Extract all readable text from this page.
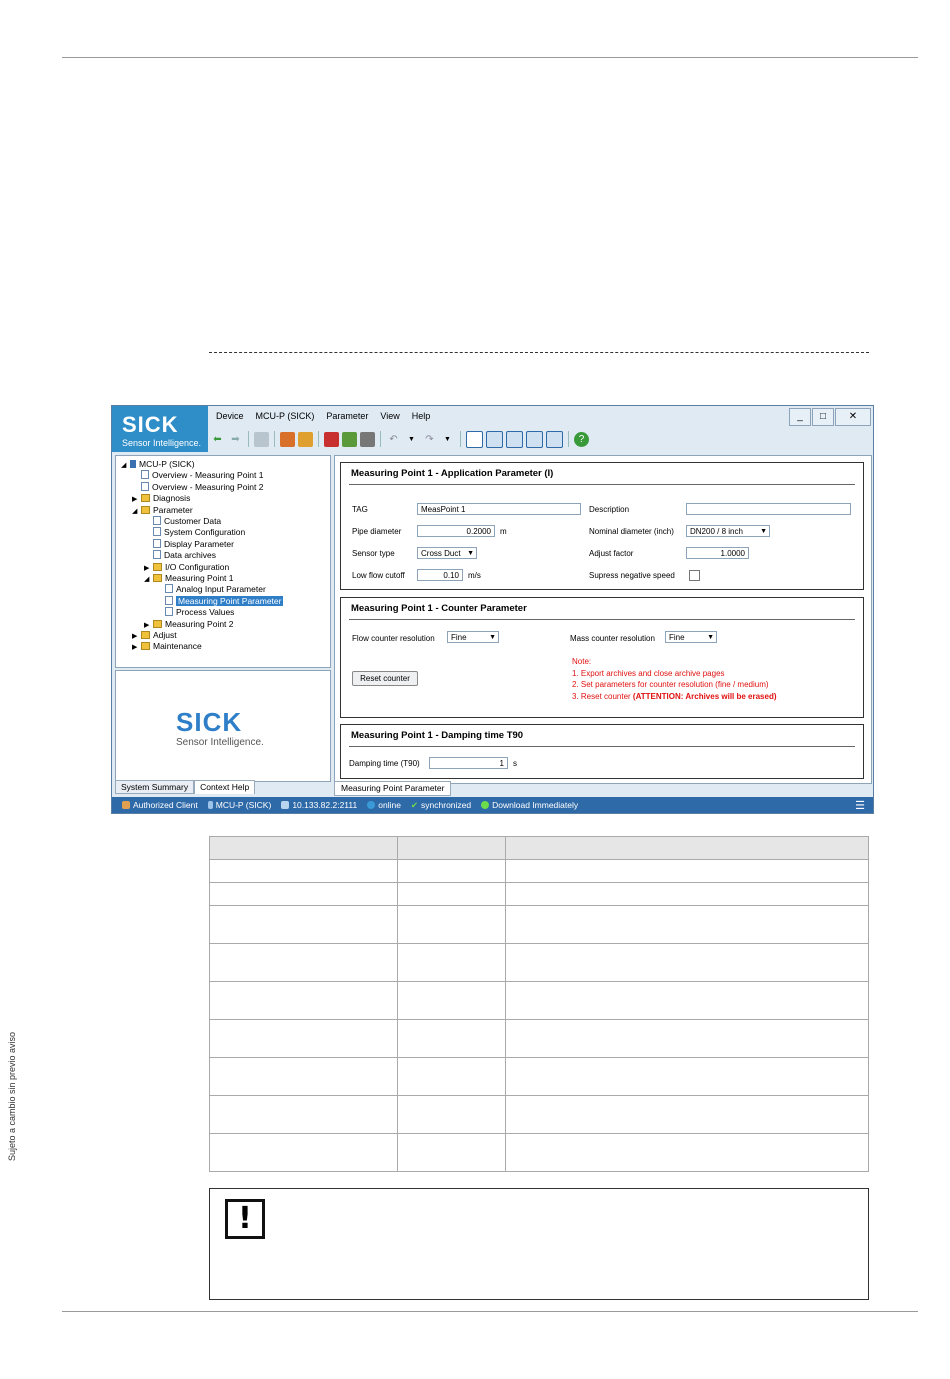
Sujeto a cambio sin previo aviso
SICK
Sensor Intelligence.
Device	MCU-P (SICK)	Parameter	View	Help	_	□	✕
⬅ ➡	↶	▼	↷	▼	?
◢ MCU-P (SICK)
Overview - Measuring Point 1
Overview - Measuring Point 2
▶ Diagnosis
◢ Parameter
Customer Data
System Configuration
Display Parameter
Data archives
▶ I/O Configuration
◢ Measuring Point 1
Analog Input Parameter
Measuring Point Parameter
Process Values
▶ Measuring Point 2
▶ Adjust
▶ Maintenance
SICK
Sensor Intelligence.
System Summary	Context Help
Measuring Point 1 - Application Parameter (I)
TAG	MeasPoint 1	Description
Pipe diameter	0.2000	m	Nominal diameter (inch)	DN200 / 8 inch ▼
Sensor type	Cross Duct ▼	Adjust factor	1.0000
Low flow cutoff	0.10	m/s	Supress negative speed
Measuring Point 1 - Counter Parameter
Flow counter resolution	Fine	▼	Mass counter resolution	Fine	▼
Reset counter
Note:
1. Export archives and close archive pages
2. Set parameters for counter resolution (fine / medium)
3. Reset counter (ATTENTION: Archives will be erased)
Measuring Point 1 - Damping time T90
Damping time (T90)	1	s
Measuring Point Parameter
Authorized Client MCU-P (SICK) 10.133.82.2:2111 online ✔ synchronized Download Immediately	☰

!
